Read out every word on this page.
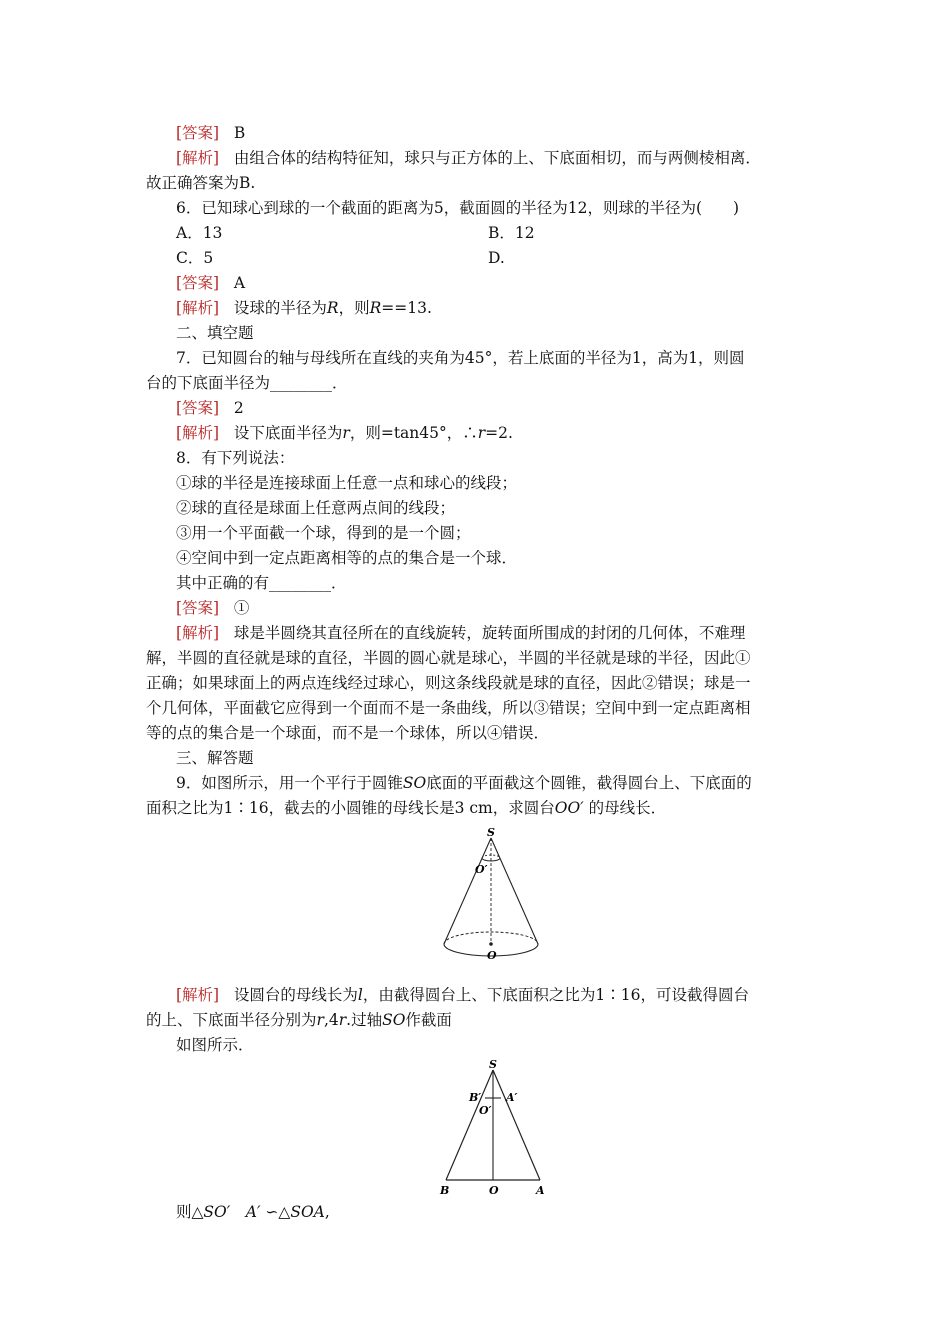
[答案] B
[解析] 由组合体的结构特征知，球只与正方体的上、下底面相切，而与两侧棱相离．
故正确答案为B.
6．已知球心到球的一个截面的距离为5，截面圆的半径为12，则球的半径为(　　)
A．13	B．12
C．5	D.
[答案] A
[解析] 设球的半径为R，则R==13.
二、填空题
7．已知圆台的轴与母线所在直线的夹角为45°，若上底面的半径为1，高为1，则圆
台的下底面半径为________．
[答案] 2
[解析] 设下底面半径为r，则=tan45°，∴r=2.
8．有下列说法：
①球的半径是连接球面上任意一点和球心的线段；
②球的直径是球面上任意两点间的线段；
③用一个平面截一个球，得到的是一个圆；
④空间中到一定点距离相等的点的集合是一个球．
其中正确的有________．
[答案] ①
[解析] 球是半圆绕其直径所在的直线旋转，旋转面所围成的封闭的几何体，不难理
解，半圆的直径就是球的直径，半圆的圆心就是球心，半圆的半径就是球的半径，因此①
正确；如果球面上的两点连线经过球心，则这条线段就是球的直径，因此②错误；球是一
个几何体，平面截它应得到一个面而不是一条曲线，所以③错误；空间中到一定点距离相
等的点的集合是一个球面，而不是一个球体，所以④错误．
三、解答题
9．如图所示，用一个平行于圆锥SO底面的平面截这个圆锥，截得圆台上、下底面的
面积之比为1∶16，截去的小圆锥的母线长是3 cm，求圆台OO′ 的母线长．
S
O′
O
[解析] 设圆台的母线长为l，由截得圆台上、下底面积之比为1∶16，可设截得圆台
的上、下底面半径分别为r,4r.过轴SO作截面
如图所示．
S
B′ A′
O′
B	O	A
则△SO′　A′ ∽△SOA,
